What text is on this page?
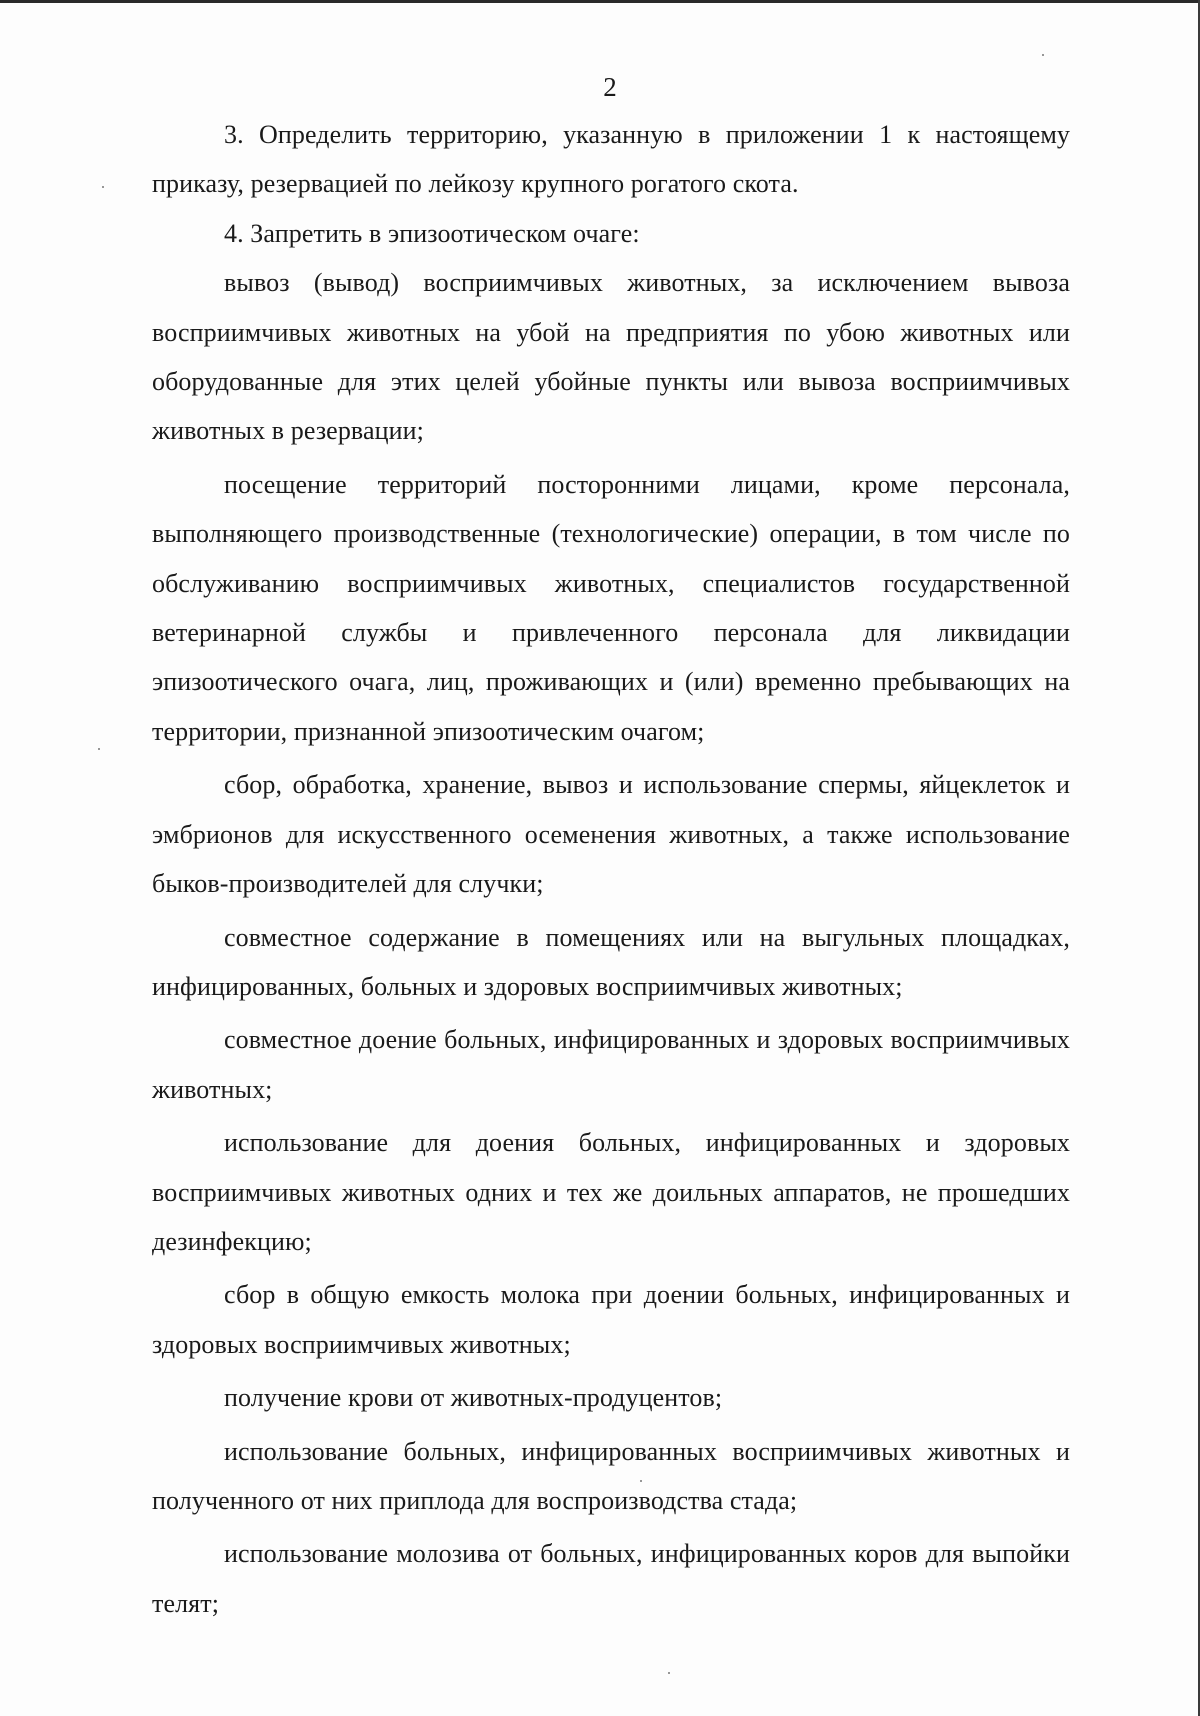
2

3. Определить территорию, указанную в приложении 1 к настоящему приказу, резервацией по лейкозу крупного рогатого скота.

4. Запретить в эпизоотическом очаге:

вывоз (вывод) восприимчивых животных, за исключением вывоза восприимчивых животных на убой на предприятия по убою животных или оборудованные для этих целей убойные пункты или вывоза восприимчивых животных в резервации;

посещение территорий посторонними лицами, кроме персонала, выполняющего производственные (технологические) операции, в том числе по обслуживанию восприимчивых животных, специалистов государственной ветеринарной службы и привлеченного персонала для ликвидации эпизоотического очага, лиц, проживающих и (или) временно пребывающих на территории, признанной эпизоотическим очагом;

сбор, обработка, хранение, вывоз и использование спермы, яйцеклеток и эмбрионов для искусственного осеменения животных, а также использование быков-производителей для случки;

совместное содержание в помещениях или на выгульных площадках, инфицированных, больных и здоровых восприимчивых животных;

совместное доение больных, инфицированных и здоровых восприимчивых животных;

использование для доения больных, инфицированных и здоровых восприимчивых животных одних и тех же доильных аппаратов, не прошедших дезинфекцию;

сбор в общую емкость молока при доении больных, инфицированных и здоровых восприимчивых животных;

получение крови от животных-продуцентов;

использование больных, инфицированных восприимчивых животных и полученного от них приплода для воспроизводства стада;

использование молозива от больных, инфицированных коров для выпойки телят;
